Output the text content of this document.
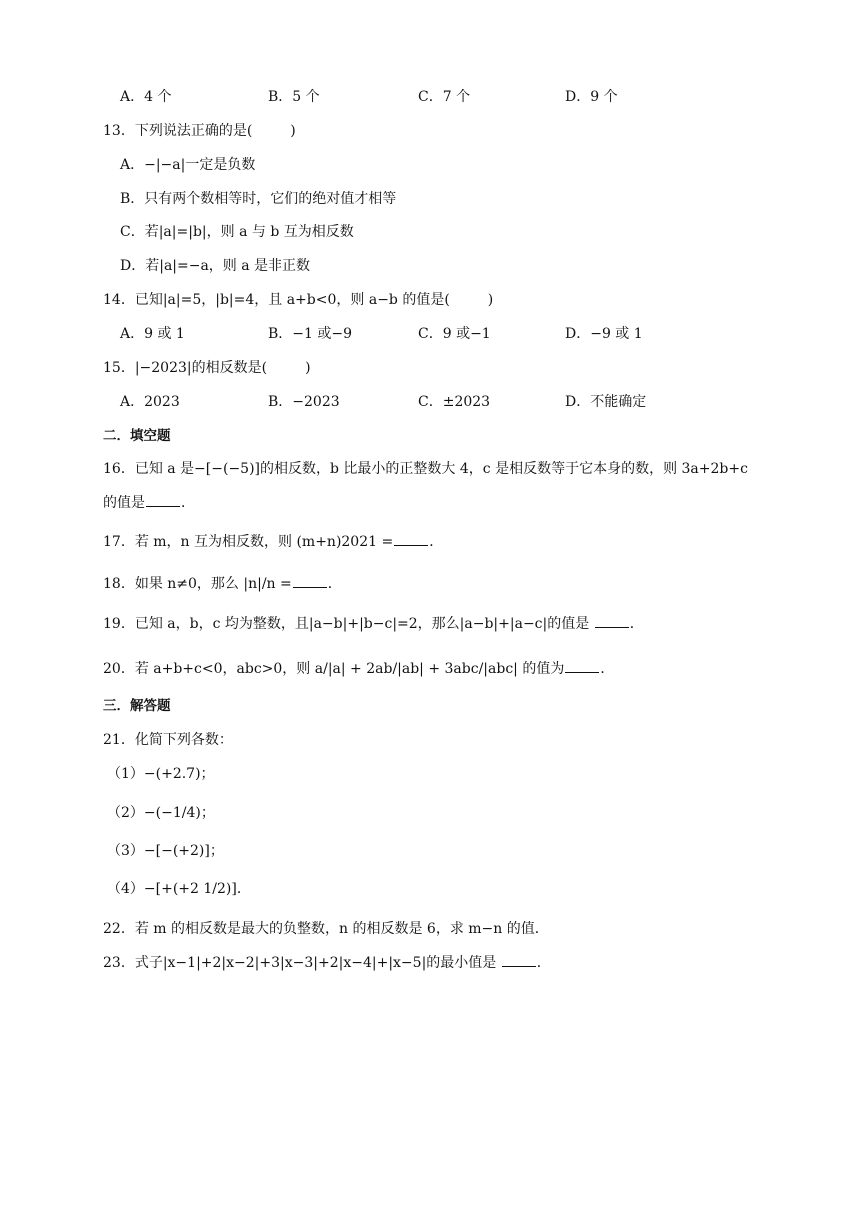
A．4 个	B．5 个	C．7 个	D．9 个
13．下列说法正确的是(	)
A．−|−a|一定是负数
B．只有两个数相等时，它们的绝对值才相等
C．若|a|=|b|，则 a 与 b 互为相反数
D．若|a|=−a，则 a 是非正数
14．已知|a|=5，|b|=4，且 a+b<0，则 a−b 的值是(	)
A．9 或 1	B．−1 或−9	C．9 或−1	D．−9 或 1
15．|−2023|的相反数是(	)
A．2023	B．−2023	C．±2023	D．不能确定
二．填空题
16．已知 a 是−[−(−5)]的相反数，b 比最小的正整数大 4，c 是相反数等于它本身的数，则 3a+2b+c
的值是	．
17．若 m，n 互为相反数，则 (m+n)2021 =	．
18．如果 n≠0，那么 |n|/n =	．
19．已知 a，b，c 均为整数，且|a−b|+|b−c|=2，那么|a−b|+|a−c|的值是	．
20．若 a+b+c<0，abc>0，则 a/|a| + 2ab/|ab| + 3abc/|abc| 的值为	．
三．解答题
21．化简下列各数：
（1）−(+2.7)；
（2）−(−1/4)；
（3）−[−(+2)]；
（4）−[+(+2 1/2)]．
22．若 m 的相反数是最大的负整数，n 的相反数是 6，求 m−n 的值．
23．式子|x−1|+2|x−2|+3|x−3|+2|x−4|+|x−5|的最小值是	．
